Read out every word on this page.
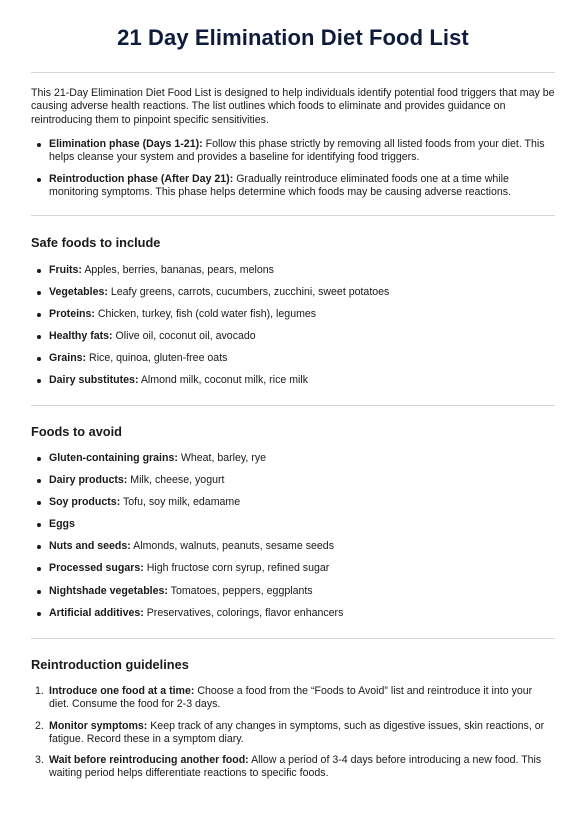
21 Day Elimination Diet Food List

This 21-Day Elimination Diet Food List is designed to help individuals identify potential food triggers that may be causing adverse health reactions. The list outlines which foods to eliminate and provides guidance on reintroducing them to pinpoint specific sensitivities.

Elimination phase (Days 1-21): Follow this phase strictly by removing all listed foods from your diet. This helps cleanse your system and provides a baseline for identifying food triggers.
Reintroduction phase (After Day 21): Gradually reintroduce eliminated foods one at a time while monitoring symptoms. This phase helps determine which foods may be causing adverse reactions.
Safe foods to include
Fruits: Apples, berries, bananas, pears, melons
Vegetables: Leafy greens, carrots, cucumbers, zucchini, sweet potatoes
Proteins: Chicken, turkey, fish (cold water fish), legumes
Healthy fats: Olive oil, coconut oil, avocado
Grains: Rice, quinoa, gluten-free oats
Dairy substitutes: Almond milk, coconut milk, rice milk
Foods to avoid
Gluten-containing grains: Wheat, barley, rye
Dairy products: Milk, cheese, yogurt
Soy products: Tofu, soy milk, edamame
Eggs
Nuts and seeds: Almonds, walnuts, peanuts, sesame seeds
Processed sugars: High fructose corn syrup, refined sugar
Nightshade vegetables: Tomatoes, peppers, eggplants
Artificial additives: Preservatives, colorings, flavor enhancers
Reintroduction guidelines
1. Introduce one food at a time: Choose a food from the “Foods to Avoid” list and reintroduce it into your diet. Consume the food for 2-3 days.
2. Monitor symptoms: Keep track of any changes in symptoms, such as digestive issues, skin reactions, or fatigue. Record these in a symptom diary.
3. Wait before reintroducing another food: Allow a period of 3-4 days before introducing a new food. This waiting period helps differentiate reactions to specific foods.
